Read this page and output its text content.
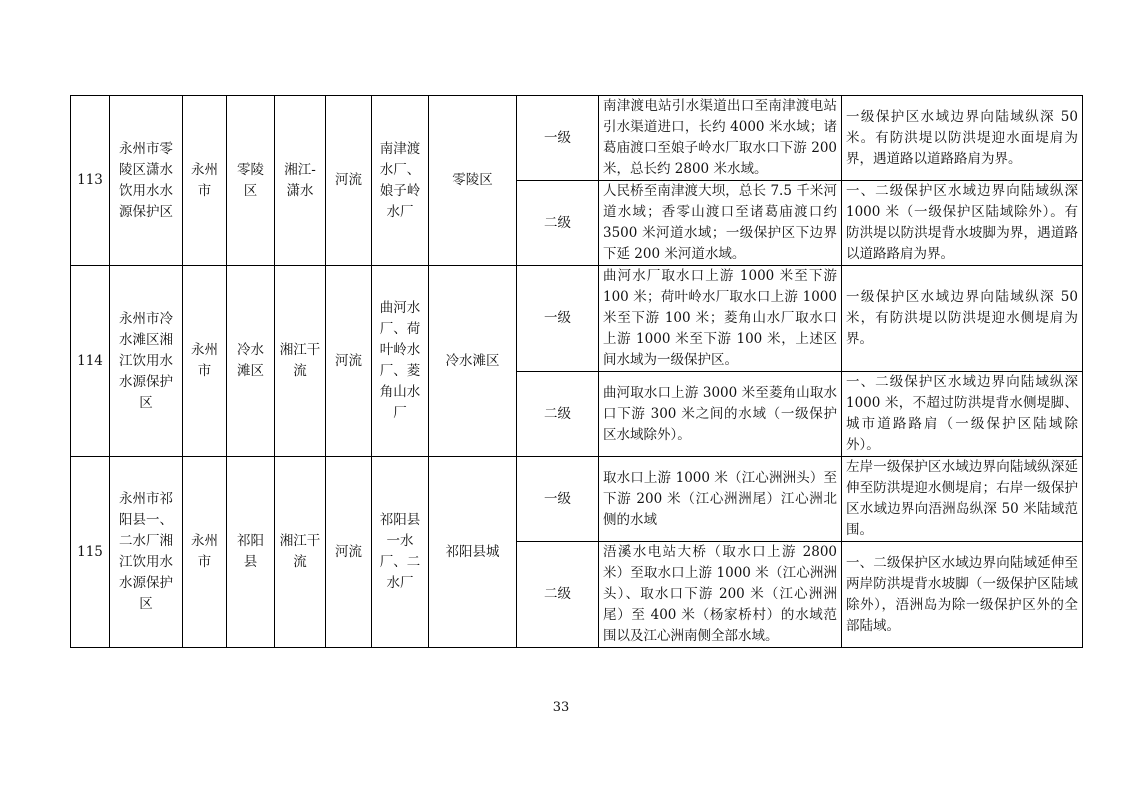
113	永州市零陵区潇水饮用水水源保护区	永州市	零陵区	湘江-潇水	河流	南津渡水厂、娘子岭水厂	零陵区	一级	南津渡电站引水渠道出口至南津渡电站引水渠道进口，长约 4000 米水域；诸葛庙渡口至娘子岭水厂取水口下游 200 米，总长约 2800 米水域。	一级保护区水域边界向陆域纵深 50 米。有防洪堤以防洪堤迎水面堤肩为界，遇道路以道路路肩为界。
								二级	人民桥至南津渡大坝，总长 7.5 千米河道水域；香零山渡口至诸葛庙渡口约 3500 米河道水域；一级保护区下边界下延 200 米河道水域。	一、二级保护区水域边界向陆域纵深 1000 米（一级保护区陆域除外）。有防洪堤以防洪堤背水坡脚为界，遇道路以道路路肩为界。
114	永州市冷水滩区湘江饮用水水源保护区	永州市	冷水滩区	湘江干流	河流	曲河水厂、荷叶岭水厂、菱角山水厂	冷水滩区	一级	曲河水厂取水口上游 1000 米至下游 100 米；荷叶岭水厂取水口上游 1000 米至下游 100 米；菱角山水厂取水口上游 1000 米至下游 100 米，上述区间水域为一级保护区。	一级保护区水域边界向陆域纵深 50 米，有防洪堤以防洪堤迎水侧堤肩为界。
								二级	曲河取水口上游 3000 米至菱角山取水口下游 300 米之间的水域（一级保护区水域除外）。	一、二级保护区水域边界向陆域纵深 1000 米，不超过防洪堤背水侧堤脚、城市道路路肩（一级保护区陆域除外）。
115	永州市祁阳县一、二水厂湘江饮用水水源保护区	永州市	祁阳县	湘江干流	河流	祁阳县一水厂、二水厂	祁阳县城	一级	取水口上游 1000 米（江心洲洲头）至下游 200 米（江心洲洲尾）江心洲北侧的水域	左岸一级保护区水域边界向陆域纵深延伸至防洪堤迎水侧堤肩；右岸一级保护区水域边界向浯洲岛纵深 50 米陆域范围。
								二级	浯溪水电站大桥（取水口上游 2800 米）至取水口上游 1000 米（江心洲洲头）、取水口下游 200 米（江心洲洲尾）至 400 米（杨家桥村）的水域范围以及江心洲南侧全部水域。	一、二级保护区水域边界向陆域延伸至两岸防洪堤背水坡脚（一级保护区陆域除外），浯洲岛为除一级保护区外的全部陆域。
33
